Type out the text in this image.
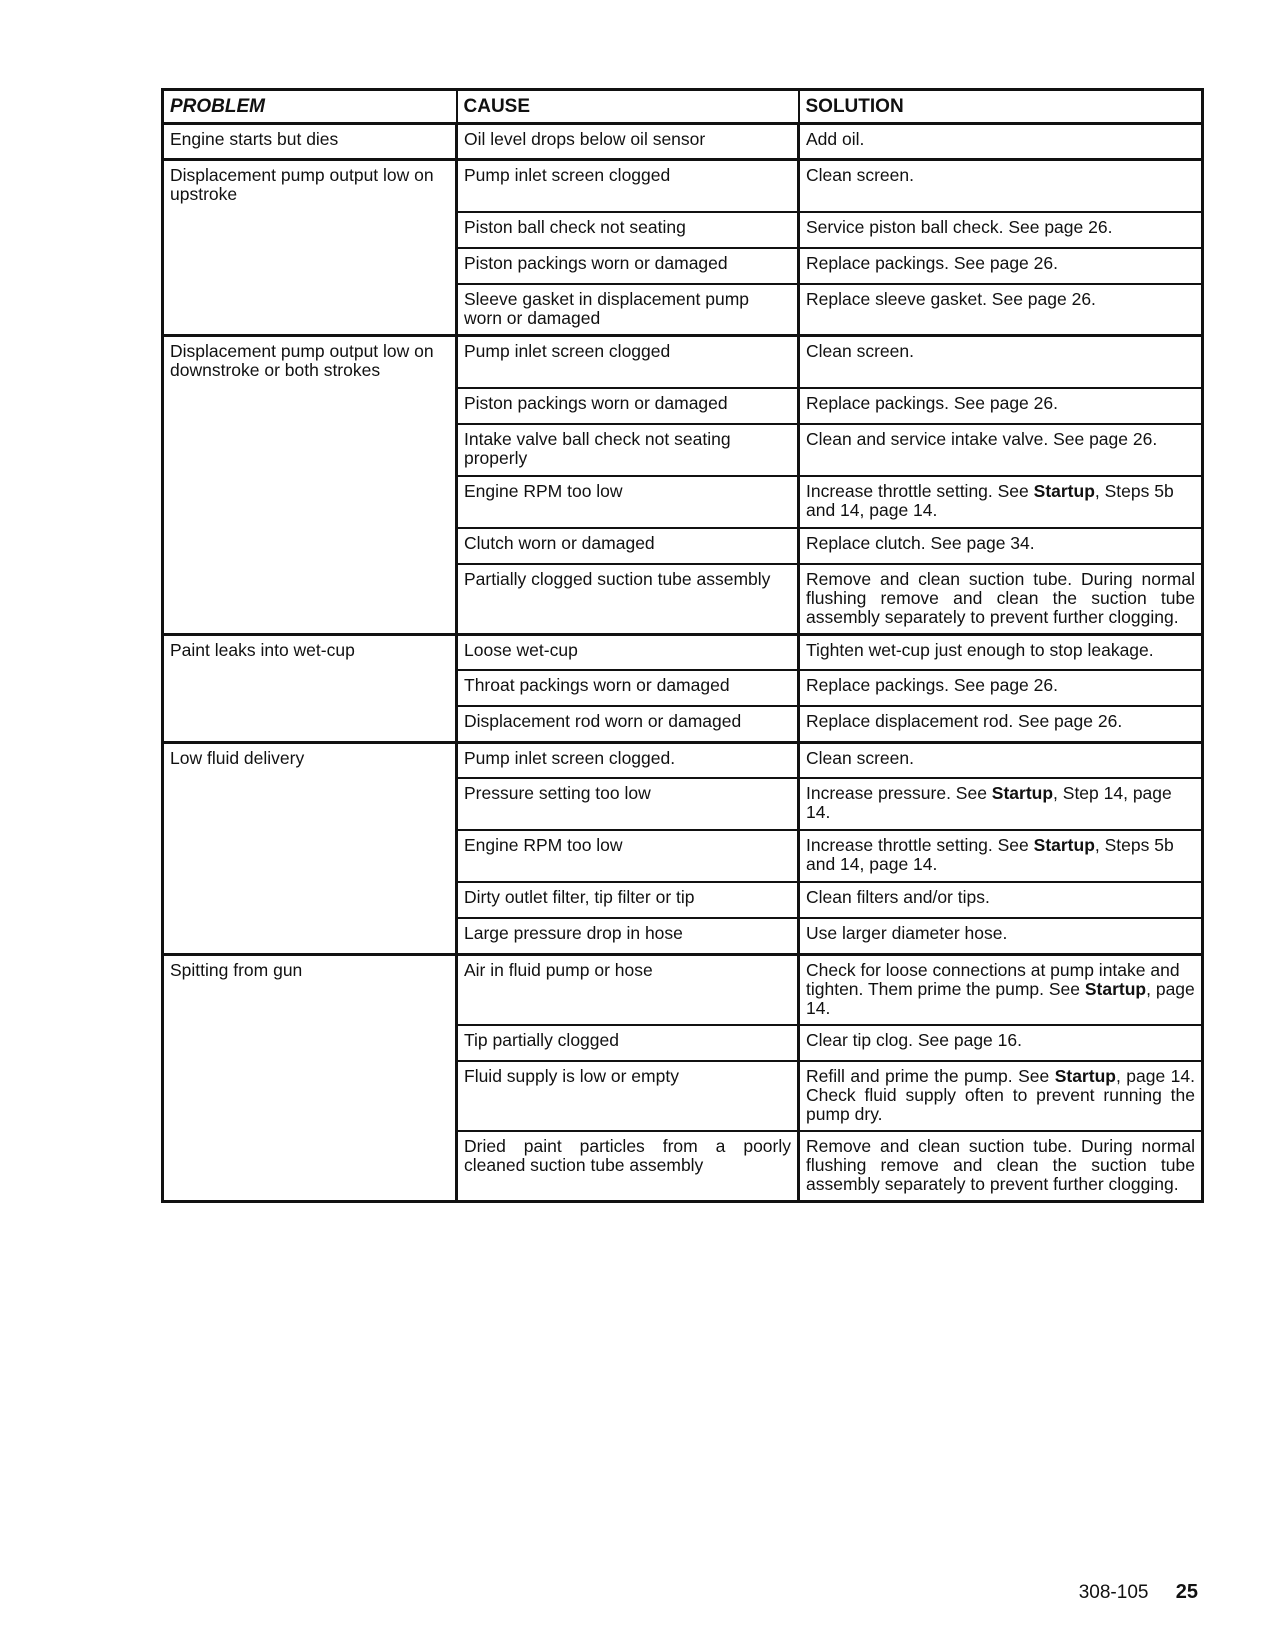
PROBLEM	CAUSE	SOLUTION
Engine starts but dies	Oil level drops below oil sensor	Add oil.
Displacement pump output low on upstroke	Pump inlet screen clogged	Clean screen.
	Piston ball check not seating	Service piston ball check. See page 26.
	Piston packings worn or damaged	Replace packings. See page 26.
	Sleeve gasket in displacement pump worn or damaged	Replace sleeve gasket. See page 26.
Displacement pump output low on downstroke or both strokes	Pump inlet screen clogged	Clean screen.
	Piston packings worn or damaged	Replace packings. See page 26.
	Intake valve ball check not seating properly	Clean and service intake valve. See page 26.
	Engine RPM too low	Increase throttle setting. See Startup, Steps 5b and 14, page 14.
	Clutch worn or damaged	Replace clutch. See page 34.
	Partially clogged suction tube assembly	Remove and clean suction tube. During normal flushing remove and clean the suction tube assembly separately to prevent further clogging.
Paint leaks into wet-cup	Loose wet-cup	Tighten wet-cup just enough to stop leakage.
	Throat packings worn or damaged	Replace packings. See page 26.
	Displacement rod worn or damaged	Replace displacement rod. See page 26.
Low fluid delivery	Pump inlet screen clogged.	Clean screen.
	Pressure setting too low	Increase pressure. See Startup, Step 14, page 14.
	Engine RPM too low	Increase throttle setting. See Startup, Steps 5b and 14, page 14.
	Dirty outlet filter, tip filter or tip	Clean filters and/or tips.
	Large pressure drop in hose	Use larger diameter hose.
Spitting from gun	Air in fluid pump or hose	Check for loose connections at pump intake and tighten. Them prime the pump. See Startup, page 14.
	Tip partially clogged	Clear tip clog. See page 16.
	Fluid supply is low or empty	Refill and prime the pump. See Startup, page 14. Check fluid supply often to prevent running the pump dry.
	Dried paint particles from a poorly cleaned suction tube assembly	Remove and clean suction tube. During normal flushing remove and clean the suction tube assembly separately to prevent further clogging.
308-105 25
